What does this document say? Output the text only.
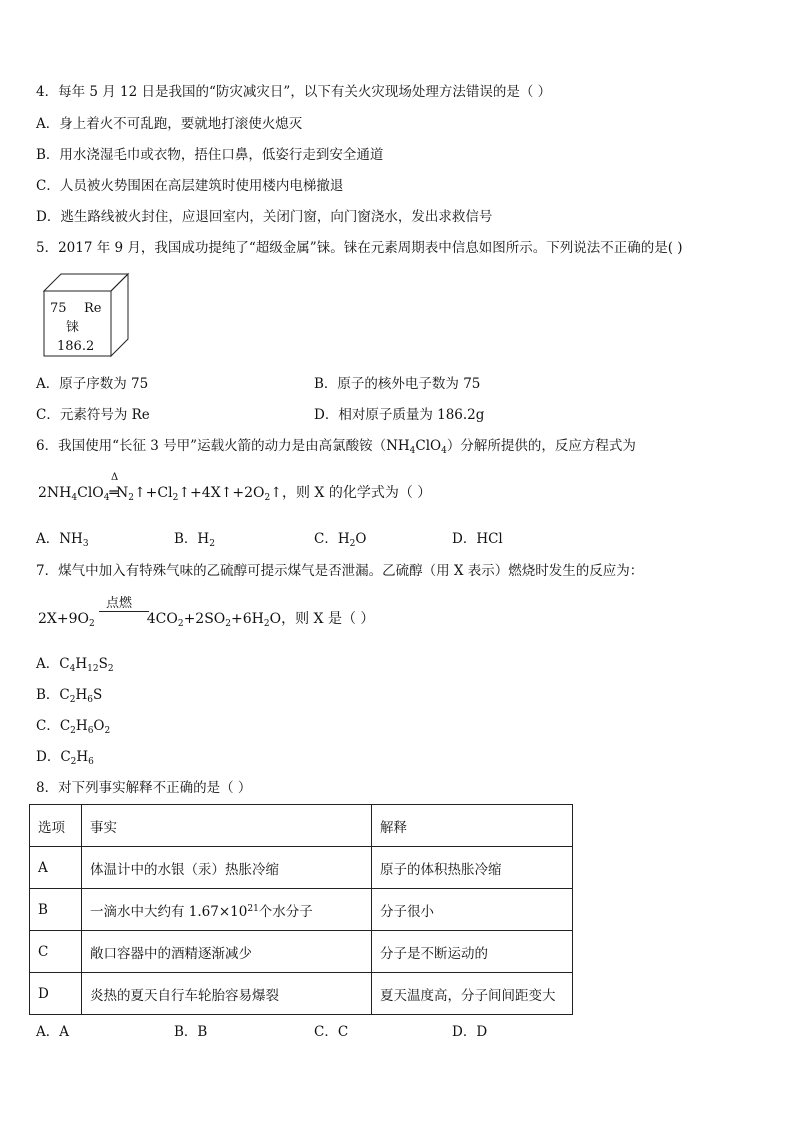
4．每年 5 月 12 日是我国的“防灾减灾日”，以下有关火灾现场处理方法错误的是（ ）
A．身上着火不可乱跑，要就地打滚使火熄灭
B．用水浇湿毛巾或衣物，捂住口鼻，低姿行走到安全通道
C．人员被火势围困在高层建筑时使用楼内电梯撤退
D．逃生路线被火封住，应退回室内，关闭门窗，向门窗浇水，发出求救信号
5．2017 年 9 月，我国成功提纯了“超级金属”铼。铼在元素周期表中信息如图所示。下列说法不正确的是( )
75 Re
铼
186.2
A．原子序数为 75	B．原子的核外电子数为 75
C．元素符号为 Re	D．相对原子质量为 186.2g
6．我国使用“长征 3 号甲”运载火箭的动力是由高氯酸铵$(NH_4ClO_4)$分解所提供的，反应方程式为
Δ
$2NH_4ClO_4═N_2↑+Cl_2↑+4X↑+2O_2↑$，则 X 的化学式为（ ）
A．$NH_3$	B．$H_2$	C．$H_2O$	D．HCl
7．煤气中加入有特殊气味的乙硫醇可提示煤气是否泄漏。乙硫醇（用 X 表示）燃烧时发生的反应为：
点燃
$2X+9O_2$	$4CO_2+2SO_2+6H_2O$，则 X 是（ ）
A．$C_4H_{12}S_2$
B．$C_2H_6S$
C．$C_2H_6O_2$
D．$C_2H_6$
8．对下列事实解释不正确的是（ ）
选项	事实	解释
A	体温计中的水银（汞）热胀冷缩	原子的体积热胀冷缩
B	一滴水中大约有 $1.67\times 10^{21}$个水分子	分子很小
C	敞口容器中的酒精逐渐减少	分子是不断运动的
D	炎热的夏天自行车轮胎容易爆裂	夏天温度高，分子间间距变大
A．A	B．B	C．C	D．D
